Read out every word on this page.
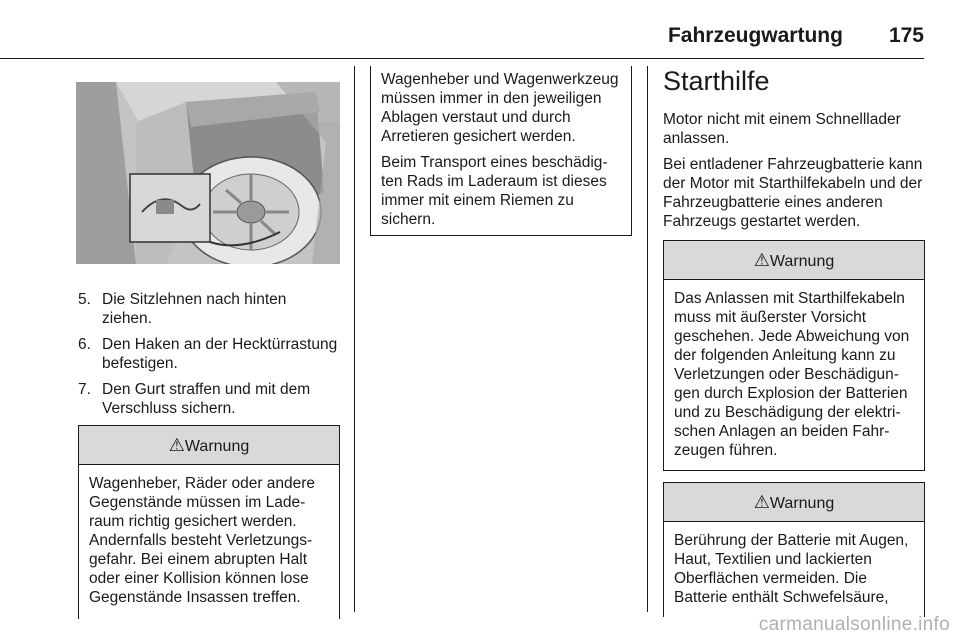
Fahrzeugwartung 175
5. Die Sitzlehnen nach hinten ziehen.
6. Den Haken an der Hecktürrastung befestigen.
7. Den Gurt straffen und mit dem Verschluss sichern.
⚠Warnung

Wagenheber, Räder oder andere Gegenstände müssen im Laderaum richtig gesichert werden. Andernfalls besteht Verletzungsgefahr. Bei einem abrupten Halt oder einer Kollision können lose Gegenstände Insassen treffen.

Wagenheber und Wagenwerkzeug müssen immer in den jeweiligen Ablagen verstaut und durch Arretieren gesichert werden.

Beim Transport eines beschädigten Rads im Laderaum ist dieses immer mit einem Riemen zu sichern.

Starthilfe

Motor nicht mit einem Schnelllader anlassen.

Bei entladener Fahrzeugbatterie kann der Motor mit Starthilfekabeln und der Fahrzeugbatterie eines anderen Fahrzeugs gestartet werden.

⚠Warnung

Das Anlassen mit Starthilfekabeln muss mit äußerster Vorsicht geschehen. Jede Abweichung von der folgenden Anleitung kann zu Verletzungen oder Beschädigungen durch Explosion der Batterien und zu Beschädigung der elektrischen Anlagen an beiden Fahrzeugen führen.

⚠Warnung

Berührung der Batterie mit Augen, Haut, Textilien und lackierten Oberflächen vermeiden. Die Batterie enthält Schwefelsäure,

carmanualsonline.info
